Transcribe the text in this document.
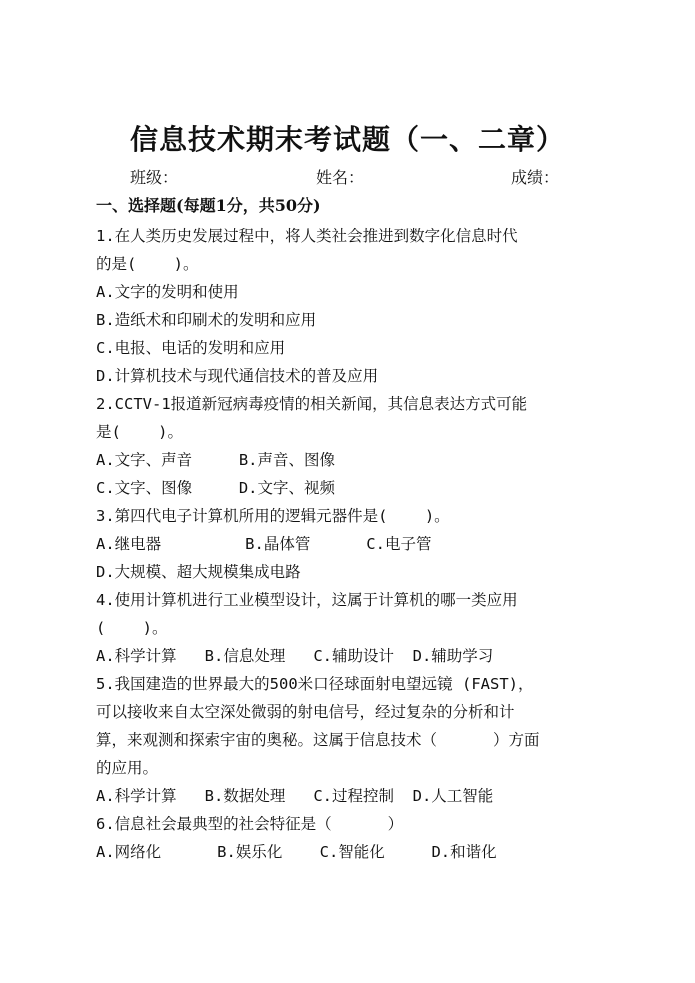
信息技术期末考试题（一、二章）
班级：	姓名：	成绩：
一、选择题(每题1分，共50分)
1.在人类历史发展过程中，将人类社会推进到数字化信息时代
的是(    )。
A.文字的发明和使用
B.造纸术和印刷术的发明和应用
C.电报、电话的发明和应用
D.计算机技术与现代通信技术的普及应用
2.CCTV-1报道新冠病毒疫情的相关新闻，其信息表达方式可能
是(    )。
A.文字、声音     B.声音、图像
C.文字、图像     D.文字、视频
3.第四代电子计算机所用的逻辑元器件是(    )。
A.继电器         B.晶体管      C.电子管
D.大规模、超大规模集成电路
4.使用计算机进行工业模型设计，这属于计算机的哪一类应用
(    )。
A.科学计算   B.信息处理   C.辅助设计  D.辅助学习
5.我国建造的世界最大的500米口径球面射电望远镜 (FAST)，
可以接收来自太空深处微弱的射电信号，经过复杂的分析和计
算，来观测和探索宇宙的奥秘。这属于信息技术（      ）方面
的应用。
A.科学计算   B.数据处理   C.过程控制  D.人工智能
6.信息社会最典型的社会特征是（      ）
A.网络化      B.娱乐化    C.智能化     D.和谐化
